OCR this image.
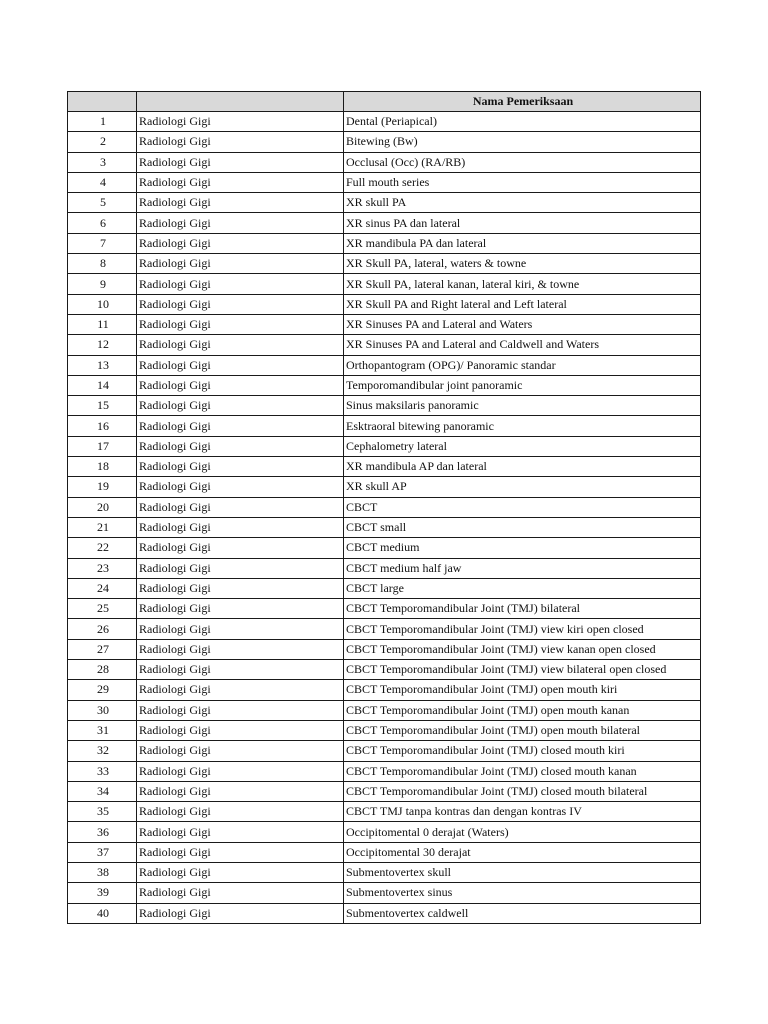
		Nama Pemeriksaan
1	Radiologi Gigi	Dental (Periapical)
2	Radiologi Gigi	Bitewing (Bw)
3	Radiologi Gigi	Occlusal (Occ) (RA/RB)
4	Radiologi Gigi	Full mouth series
5	Radiologi Gigi	XR skull PA
6	Radiologi Gigi	XR sinus PA dan lateral
7	Radiologi Gigi	XR mandibula PA dan lateral
8	Radiologi Gigi	XR Skull PA, lateral, waters & towne
9	Radiologi Gigi	XR Skull PA, lateral kanan, lateral kiri, & towne
10	Radiologi Gigi	XR Skull PA and Right lateral and Left lateral
11	Radiologi Gigi	XR Sinuses PA and Lateral and Waters
12	Radiologi Gigi	XR Sinuses PA and Lateral and Caldwell and Waters
13	Radiologi Gigi	Orthopantogram (OPG)/ Panoramic standar
14	Radiologi Gigi	Temporomandibular joint panoramic
15	Radiologi Gigi	Sinus maksilaris panoramic
16	Radiologi Gigi	Esktraoral bitewing panoramic
17	Radiologi Gigi	Cephalometry lateral
18	Radiologi Gigi	XR mandibula AP dan lateral
19	Radiologi Gigi	XR skull AP
20	Radiologi Gigi	CBCT
21	Radiologi Gigi	CBCT small
22	Radiologi Gigi	CBCT medium
23	Radiologi Gigi	CBCT medium half jaw
24	Radiologi Gigi	CBCT large
25	Radiologi Gigi	CBCT Temporomandibular Joint (TMJ) bilateral
26	Radiologi Gigi	CBCT Temporomandibular Joint (TMJ) view kiri open closed
27	Radiologi Gigi	CBCT Temporomandibular Joint (TMJ) view kanan open closed
28	Radiologi Gigi	CBCT Temporomandibular Joint (TMJ) view bilateral open closed
29	Radiologi Gigi	CBCT Temporomandibular Joint (TMJ) open mouth kiri
30	Radiologi Gigi	CBCT Temporomandibular Joint (TMJ) open mouth kanan
31	Radiologi Gigi	CBCT Temporomandibular Joint (TMJ) open mouth bilateral
32	Radiologi Gigi	CBCT Temporomandibular Joint (TMJ) closed mouth kiri
33	Radiologi Gigi	CBCT Temporomandibular Joint (TMJ) closed mouth kanan
34	Radiologi Gigi	CBCT Temporomandibular Joint (TMJ) closed mouth bilateral
35	Radiologi Gigi	CBCT TMJ tanpa kontras dan dengan kontras IV
36	Radiologi Gigi	Occipitomental 0 derajat (Waters)
37	Radiologi Gigi	Occipitomental 30 derajat
38	Radiologi Gigi	Submentovertex skull
39	Radiologi Gigi	Submentovertex sinus
40	Radiologi Gigi	Submentovertex caldwell
